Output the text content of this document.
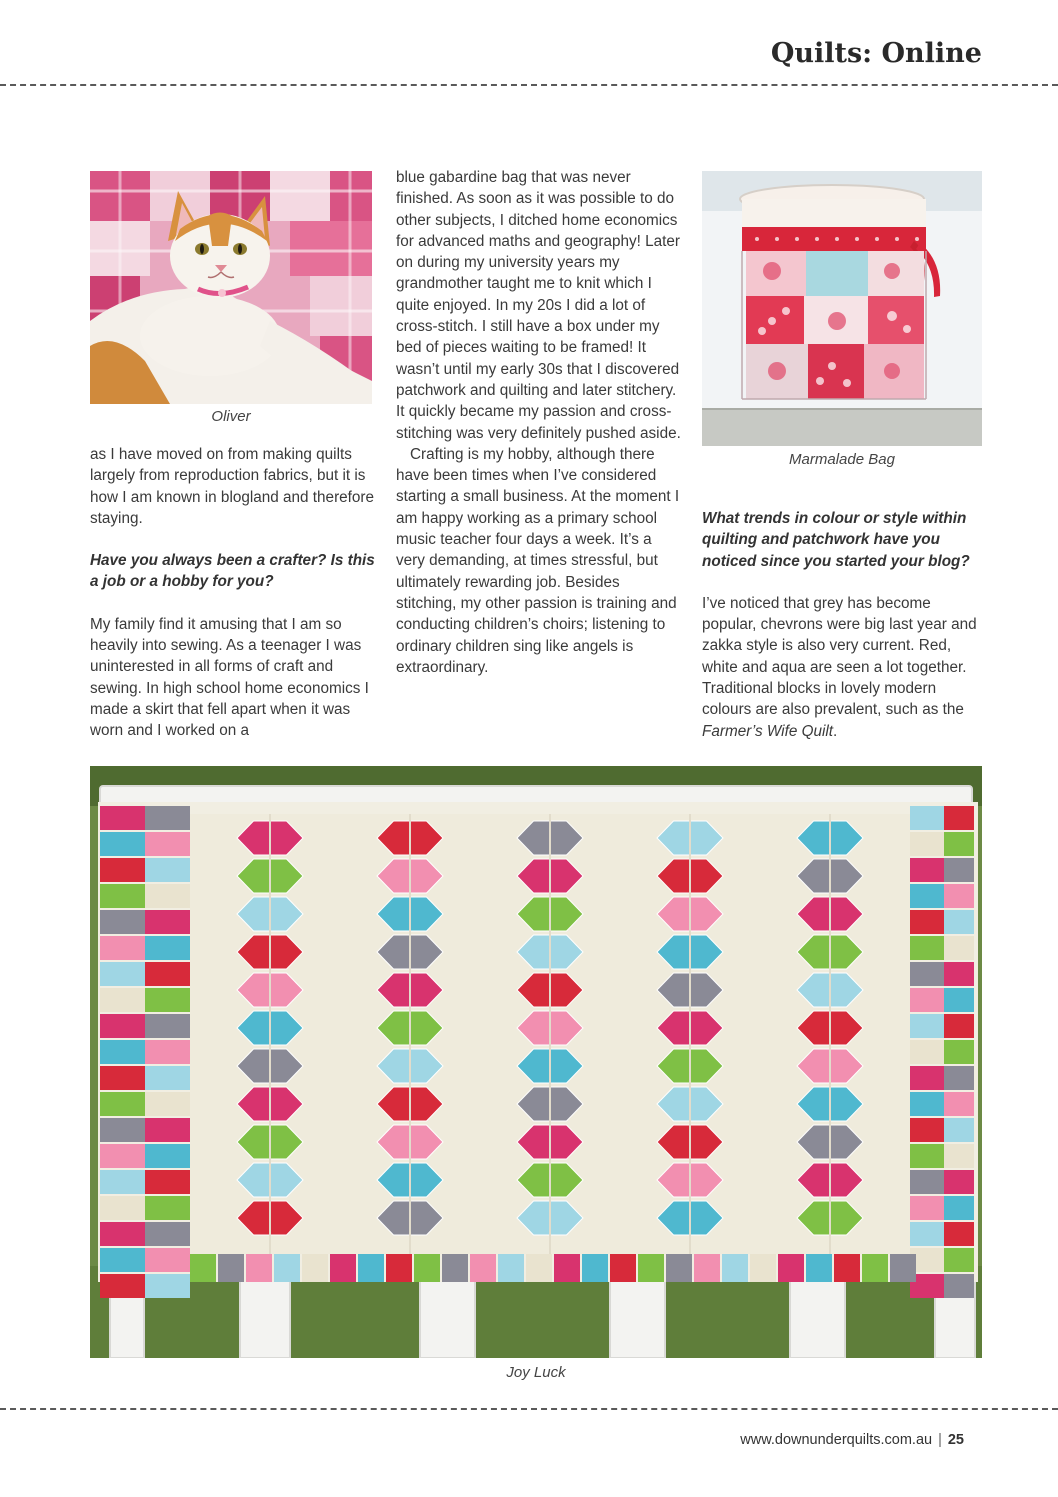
Quilts: Online

Oliver

as I have moved on from making quilts largely from reproduction fabrics, but it is how I am known in blogland and therefore staying.

Have you always been a crafter? Is this a job or a hobby for you?

My family find it amusing that I am so heavily into sewing. As a teenager I was uninterested in all forms of craft and sewing. In high school home economics I made a skirt that fell apart when it was worn and I worked on a

blue gabardine bag that was never finished. As soon as it was possible to do other subjects, I ditched home economics for advanced maths and geography! Later on during my university years my grandmother taught me to knit which I quite enjoyed. In my 20s I did a lot of cross-stitch. I still have a box under my bed of pieces waiting to be framed! It wasn’t until my early 30s that I discovered patchwork and quilting and later stitchery. It quickly became my passion and cross-stitching was very definitely pushed aside.

Crafting is my hobby, although there have been times when I’ve considered starting a small business. At the moment I am happy working as a primary school music teacher four days a week. It’s a very demanding, at times stressful, but ultimately rewarding job. Besides stitching, my other passion is training and conducting children’s choirs; listening to ordinary children sing like angels is extraordinary.

Marmalade Bag

What trends in colour or style within quilting and patchwork have you noticed since you started your blog?

I’ve noticed that grey has become popular, chevrons were big last year and zakka style is also very current. Red, white and aqua are seen a lot together. Traditional blocks in lovely modern colours are also prevalent, such as the Farmer’s Wife Quilt.

Joy Luck

www.downunderquilts.com.au | 25
